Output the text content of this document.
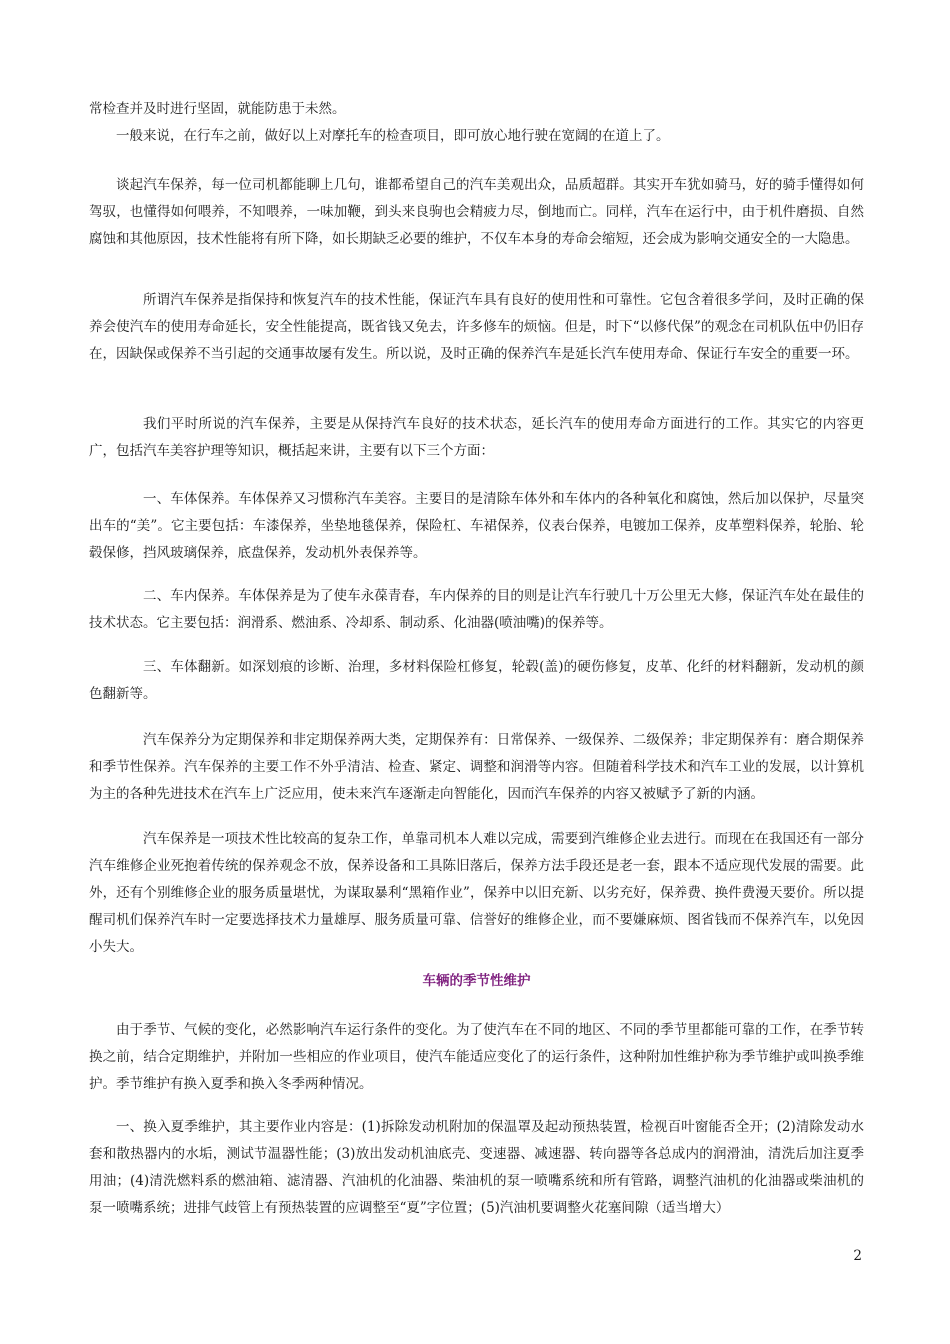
常检查并及时进行坚固，就能防患于未然。

一般来说，在行车之前，做好以上对摩托车的检查项目，即可放心地行驶在宽阔的在道上了。

谈起汽车保养，每一位司机都能聊上几句，谁都希望自己的汽车美观出众，品质超群。其实开车犹如骑马，好的骑手懂得如何驾驭，也懂得如何喂养，不知喂养，一味加鞭，到头来良驹也会精疲力尽，倒地而亡。同样，汽车在运行中，由于机件磨损、自然腐蚀和其他原因，技术性能将有所下降，如长期缺乏必要的维护，不仅车本身的寿命会缩短，还会成为影响交通安全的一大隐患。

所谓汽车保养是指保持和恢复汽车的技术性能，保证汽车具有良好的使用性和可靠性。它包含着很多学问，及时正确的保养会使汽车的使用寿命延长，安全性能提高，既省钱又免去，许多修车的烦恼。但是，时下“以修代保”的观念在司机队伍中仍旧存在，因缺保或保养不当引起的交通事故屡有发生。所以说，及时正确的保养汽车是延长汽车使用寿命、保证行车安全的重要一环。

我们平时所说的汽车保养，主要是从保持汽车良好的技术状态，延长汽车的使用寿命方面进行的工作。其实它的内容更广，包括汽车美容护理等知识，概括起来讲，主要有以下三个方面：

一、车体保养。车体保养又习惯称汽车美容。主要目的是清除车体外和车体内的各种氧化和腐蚀，然后加以保护，尽量突出车的“美”。它主要包括：车漆保养，坐垫地毯保养，保险杠、车裙保养，仪表台保养，电镀加工保养，皮革塑料保养，轮胎、轮毂保修，挡风玻璃保养，底盘保养，发动机外表保养等。

二、车内保养。车体保养是为了使车永葆青春，车内保养的目的则是让汽车行驶几十万公里无大修，保证汽车处在最佳的技术状态。它主要包括：润滑系、燃油系、冷却系、制动系、化油器(喷油嘴)的保养等。

三、车体翻新。如深划痕的诊断、治理，多材料保险杠修复，轮毂(盖)的硬伤修复，皮革、化纤的材料翻新，发动机的颜色翻新等。

汽车保养分为定期保养和非定期保养两大类，定期保养有：日常保养、一级保养、二级保养；非定期保养有：磨合期保养和季节性保养。汽车保养的主要工作不外乎清洁、检查、紧定、调整和润滑等内容。但随着科学技术和汽车工业的发展，以计算机为主的各种先进技术在汽车上广泛应用，使未来汽车逐渐走向智能化，因而汽车保养的内容又被赋予了新的内涵。

汽车保养是一项技术性比较高的复杂工作，单靠司机本人难以完成，需要到汽维修企业去进行。而现在在我国还有一部分汽车维修企业死抱着传统的保养观念不放，保养设备和工具陈旧落后，保养方法手段还是老一套，跟本不适应现代发展的需要。此外，还有个别维修企业的服务质量堪忧，为谋取暴利“黑箱作业”，保养中以旧充新、以劣充好，保养费、换件费漫天要价。所以提醒司机们保养汽车时一定要选择技术力量雄厚、服务质量可靠、信誉好的维修企业，而不要嫌麻烦、图省钱而不保养汽车，以免因小失大。

车辆的季节性维护

由于季节、气候的变化，必然影响汽车运行条件的变化。为了使汽车在不同的地区、不同的季节里都能可靠的工作，在季节转换之前，结合定期维护，并附加一些相应的作业项目，使汽车能适应变化了的运行条件，这种附加性维护称为季节维护或叫换季维护。季节维护有换入夏季和换入冬季两种情况。

一、换入夏季维护，其主要作业内容是：(1)拆除发动机附加的保温罩及起动预热装置，检视百叶窗能否全开；(2)清除发动水套和散热器内的水垢，测试节温器性能；(3)放出发动机油底壳、变速器、减速器、转向器等各总成内的润滑油，清洗后加注夏季用油；(4)清洗燃料系的燃油箱、滤清器、汽油机的化油器、柴油机的泵一喷嘴系统和所有管路，调整汽油机的化油器或柴油机的泵一喷嘴系统；进排气歧管上有预热装置的应调整至“夏”字位置；(5)汽油机要调整火花塞间隙（适当增大）

2
